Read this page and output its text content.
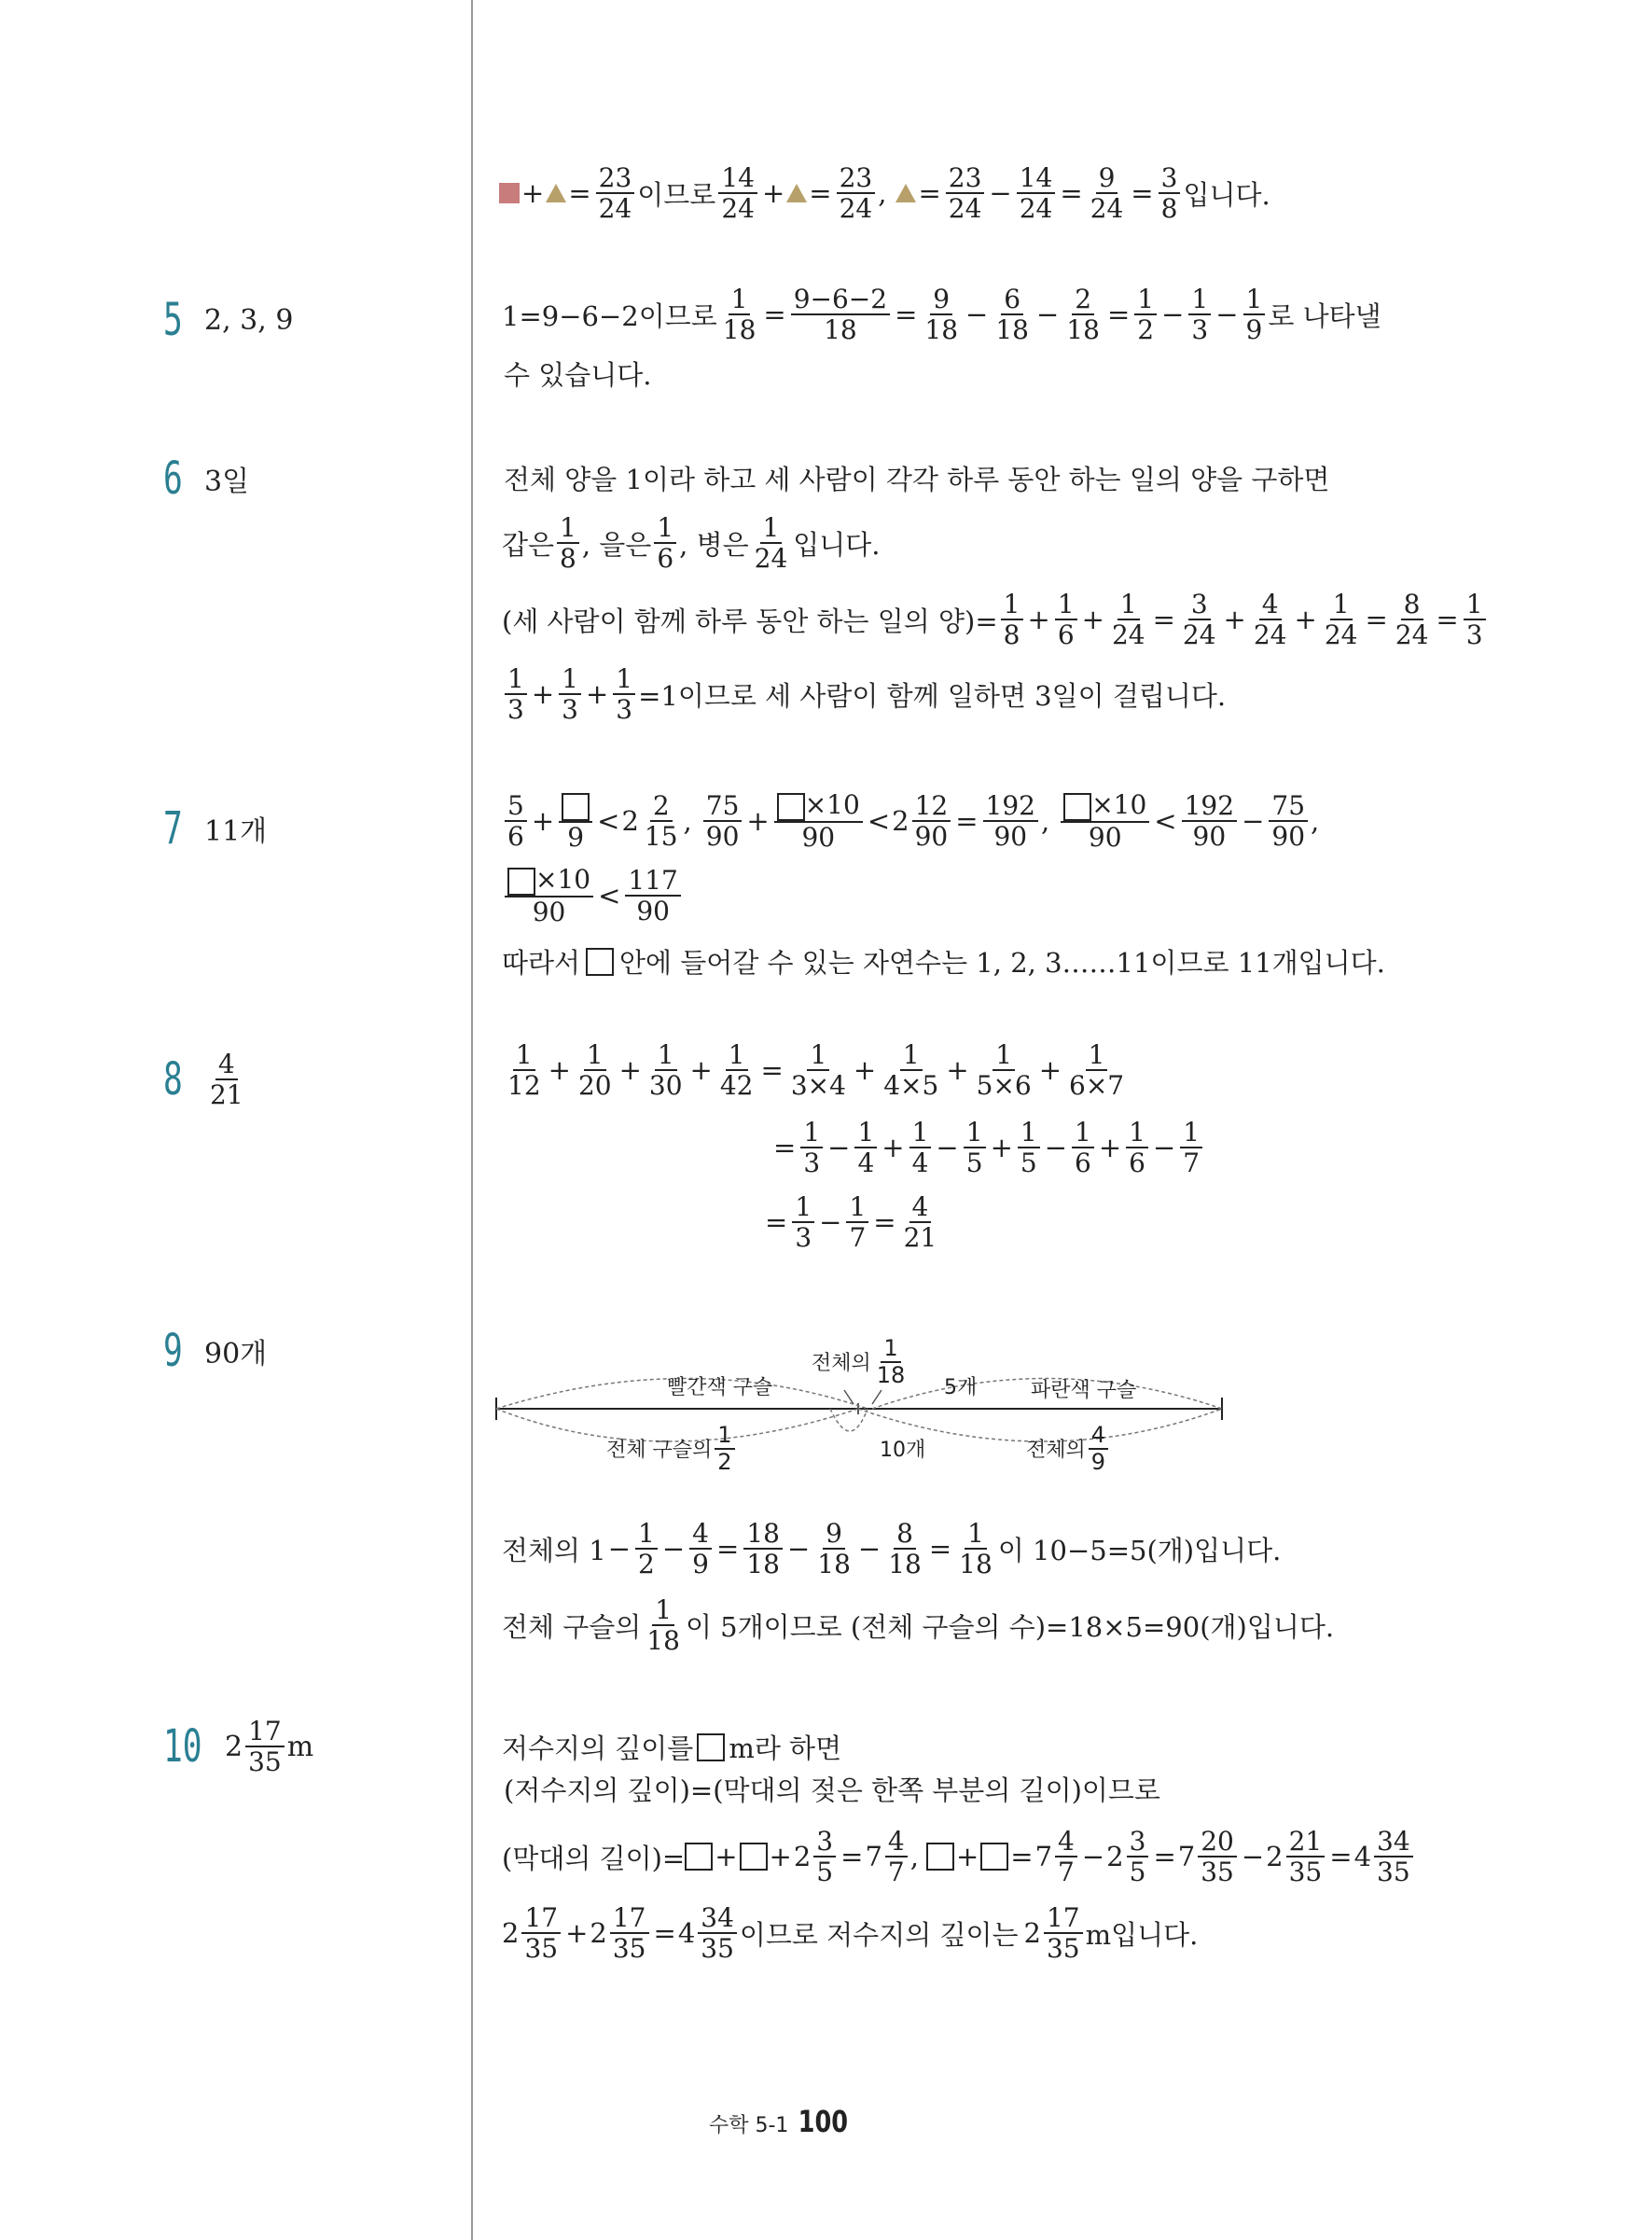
+ = $\frac{23}{24}$ 이므로 $\frac{14}{24}$ + = $\frac{23}{24}$ , = $\frac{23}{24} - \frac{14}{24} = \frac{9}{24} = \frac{3}{8}$ 입니다.
5 2, 3, 9	1=9−6−2이므로 $\frac{1}{18} = \frac{9-6-2}{18} = \frac{9}{18} - \frac{6}{18} - \frac{2}{18} = \frac{1}{2} - \frac{1}{3} - \frac{1}{9}$ 로 나타낼
수 있습니다.
6 3일	전체 양을 1이라 하고 세 사람이 각각 하루 동안 하는 일의 양을 구하면
갑은 $\frac{1}{8}$ , 을은 $\frac{1}{6}$ , 병은 $\frac{1}{24}$ 입니다.
(세 사람이 함께 하루 동안 하는 일의 양)= $\frac{1}{8} + \frac{1}{6} + \frac{1}{24} = \frac{3}{24} + \frac{4}{24} + \frac{1}{24} = \frac{8}{24} = \frac{1}{3}$
$\frac{1}{3} + \frac{1}{3} + \frac{1}{3} =1$이므로 세 사람이 함께 일하면 3일이 걸립니다.
7 11개	$\frac{5}{6}$ +
9
< $2 \frac{2}{15}$ , $\frac{75}{90} + \frac{\times 10}{90} < 2 \frac{12}{90} = \frac{192}{90}$ , $\frac{\times 10}{90} < \frac{192}{90} - \frac{75}{90}$ ,
$\frac{\times 10}{90} < \frac{117}{90}$
따라서 안에 들어갈 수 있는 자연수는 1, 2, 3……11이므로 11개입니다.
$8 \frac{4}{21}$	$\frac{1}{12} + \frac{1}{20} + \frac{1}{30} + \frac{1}{42} = \frac{1}{3\times 4} + \frac{1}{4\times 5} + \frac{1}{5\times 6} + \frac{1}{6\times 7}$
= $\frac{1}{3} - \frac{1}{4} + \frac{1}{4} - \frac{1}{5} + \frac{1}{5} - \frac{1}{6} + \frac{1}{6} - \frac{1}{7}$
= $\frac{1}{3} - \frac{1}{7} = \frac{4}{21}$
9 90개	전체의 $\frac{1}{18} 5$개
빨간색 구슬	파란색 구슬
전체 구슬의 $\frac{1}{2}$	10개	전체의 $\frac{4}{9}$
전체의 $1 - \frac{1}{2} - \frac{4}{9} = \frac{18}{18} - \frac{9}{18} - \frac{8}{18} = \frac{1}{18}$ 이 10−5=5(개)입니다.
전체 구슬의 $\frac{1}{18}$ 이 5개이므로 (전체 구슬의 수)=18×5=90(개)입니다.
10 $2 \frac{17}{35}$ m	저수지의 깊이를 m라 하면
(저수지의 깊이)=(막대의 젖은 한쪽 부분의 길이)이므로
(막대의 길이)= + + $2 \frac{3}{5} = 7 \frac{4}{7}$ , + = $7 \frac{4}{7} - 2 \frac{3}{5} = 7 \frac{20}{35} - 2 \frac{21}{35} = 4 \frac{34}{35}$
$2 \frac{17}{35} + 2 \frac{17}{35} = 4 \frac{34}{35}$ 이므로 저수지의 깊이는 $2 \frac{17}{35}$ m입니다.
수학 5-1 100
